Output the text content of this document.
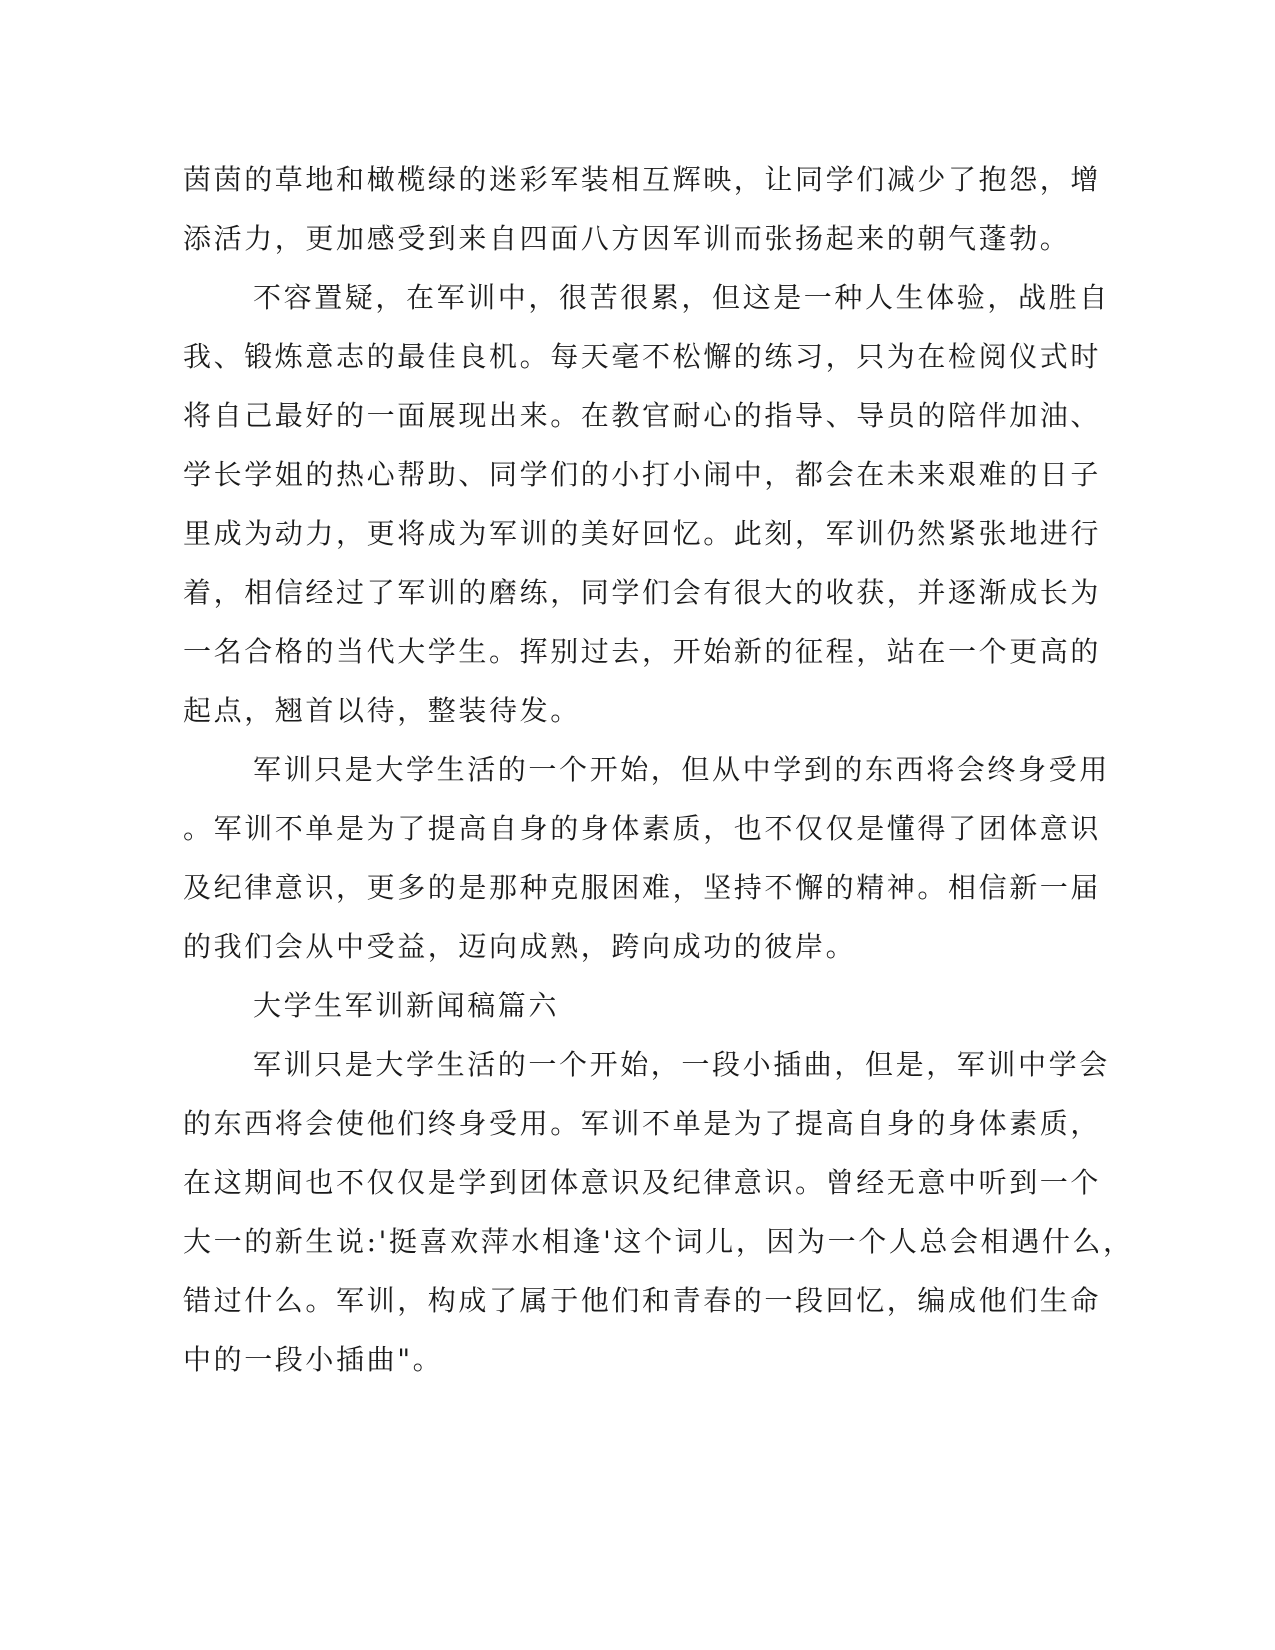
茵茵的草地和橄榄绿的迷彩军装相互辉映，让同学们减少了抱怨，增
添活力，更加感受到来自四面八方因军训而张扬起来的朝气蓬勃。
不容置疑，在军训中，很苦很累，但这是一种人生体验，战胜自
我、锻炼意志的最佳良机。每天毫不松懈的练习，只为在检阅仪式时
将自己最好的一面展现出来。在教官耐心的指导、导员的陪伴加油、
学长学姐的热心帮助、同学们的小打小闹中，都会在未来艰难的日子
里成为动力，更将成为军训的美好回忆。此刻，军训仍然紧张地进行
着，相信经过了军训的磨练，同学们会有很大的收获，并逐渐成长为
一名合格的当代大学生。挥别过去，开始新的征程，站在一个更高的
起点，翘首以待，整装待发。
军训只是大学生活的一个开始，但从中学到的东西将会终身受用
。军训不单是为了提高自身的身体素质，也不仅仅是懂得了团体意识
及纪律意识，更多的是那种克服困难，坚持不懈的精神。相信新一届
的我们会从中受益，迈向成熟，跨向成功的彼岸。
大学生军训新闻稿篇六
军训只是大学生活的一个开始，一段小插曲，但是，军训中学会
的东西将会使他们终身受用。军训不单是为了提高自身的身体素质，
在这期间也不仅仅是学到团体意识及纪律意识。曾经无意中听到一个
大一的新生说:'挺喜欢萍水相逢'这个词儿，因为一个人总会相遇什么，
错过什么。军训，构成了属于他们和青春的一段回忆，编成他们生命
中的一段小插曲"。
